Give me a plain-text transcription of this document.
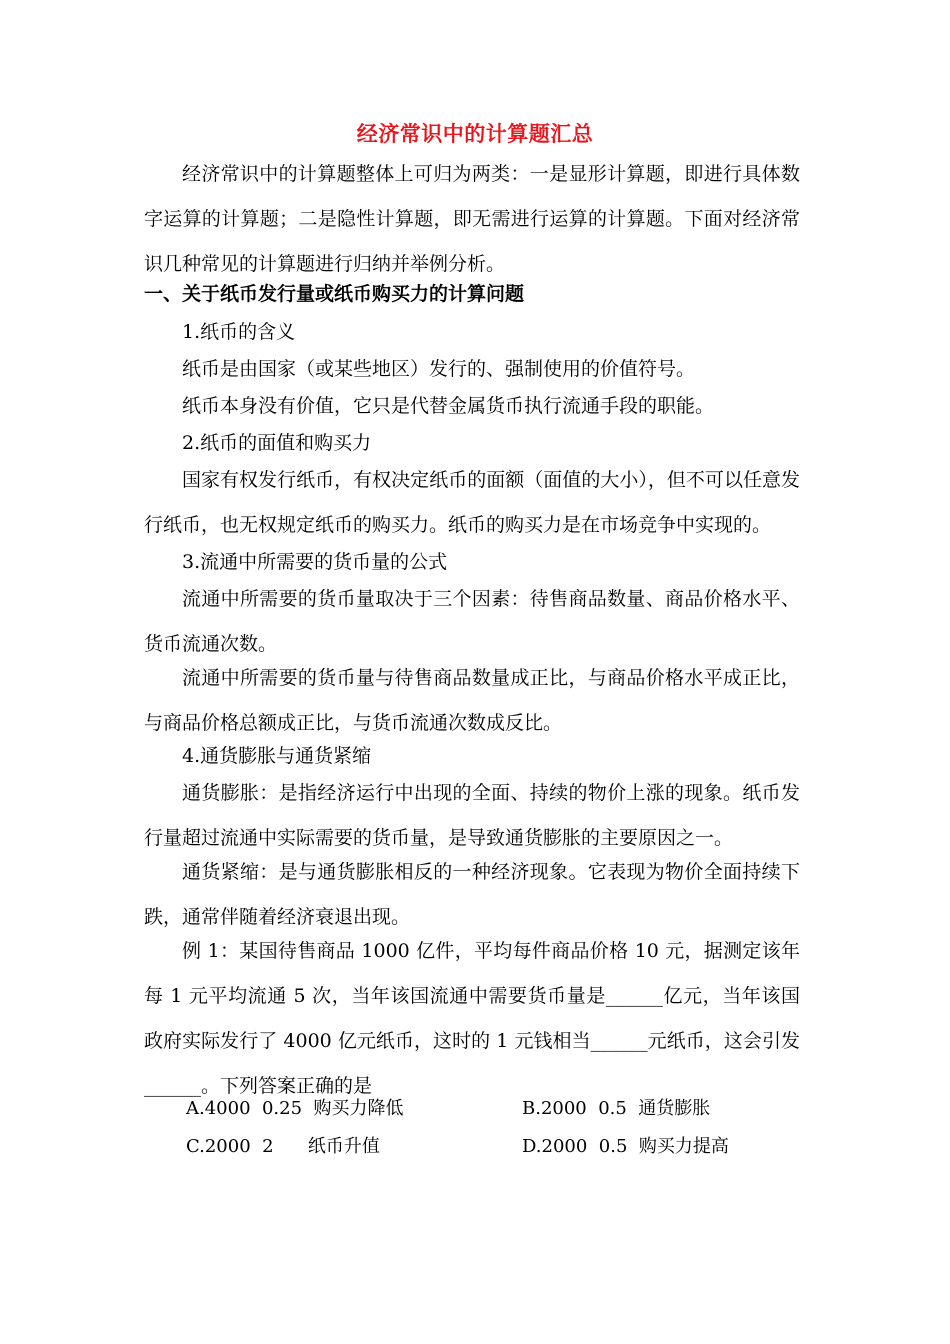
经济常识中的计算题汇总
经济常识中的计算题整体上可归为两类：一是显形计算题，即进行具体数字运算的计算题；二是隐性计算题，即无需进行运算的计算题。下面对经济常识几种常见的计算题进行归纳并举例分析。
一、关于纸币发行量或纸币购买力的计算问题
1.纸币的含义
纸币是由国家（或某些地区）发行的、强制使用的价值符号。
纸币本身没有价值，它只是代替金属货币执行流通手段的职能。
2.纸币的面值和购买力
国家有权发行纸币，有权决定纸币的面额（面值的大小），但不可以任意发行纸币，也无权规定纸币的购买力。纸币的购买力是在市场竞争中实现的。
3.流通中所需要的货币量的公式
流通中所需要的货币量取决于三个因素：待售商品数量、商品价格水平、货币流通次数。
流通中所需要的货币量与待售商品数量成正比，与商品价格水平成正比，与商品价格总额成正比，与货币流通次数成反比。
4.通货膨胀与通货紧缩
通货膨胀：是指经济运行中出现的全面、持续的物价上涨的现象。纸币发行量超过流通中实际需要的货币量，是导致通货膨胀的主要原因之一。
通货紧缩：是与通货膨胀相反的一种经济现象。它表现为物价全面持续下跌，通常伴随着经济衰退出现。
例 1：某国待售商品 1000 亿件，平均每件商品价格 10 元，据测定该年每 1 元平均流通 5 次，当年该国流通中需要货币量是______亿元，当年该国政府实际发行了 4000 亿元纸币，这时的 1 元钱相当______元纸币，这会引发______。下列答案正确的是
A.4000  0.25  购买力降低	B.2000  0.5  通货膨胀
C.2000  2      纸币升值	D.2000  0.5  购买力提高
